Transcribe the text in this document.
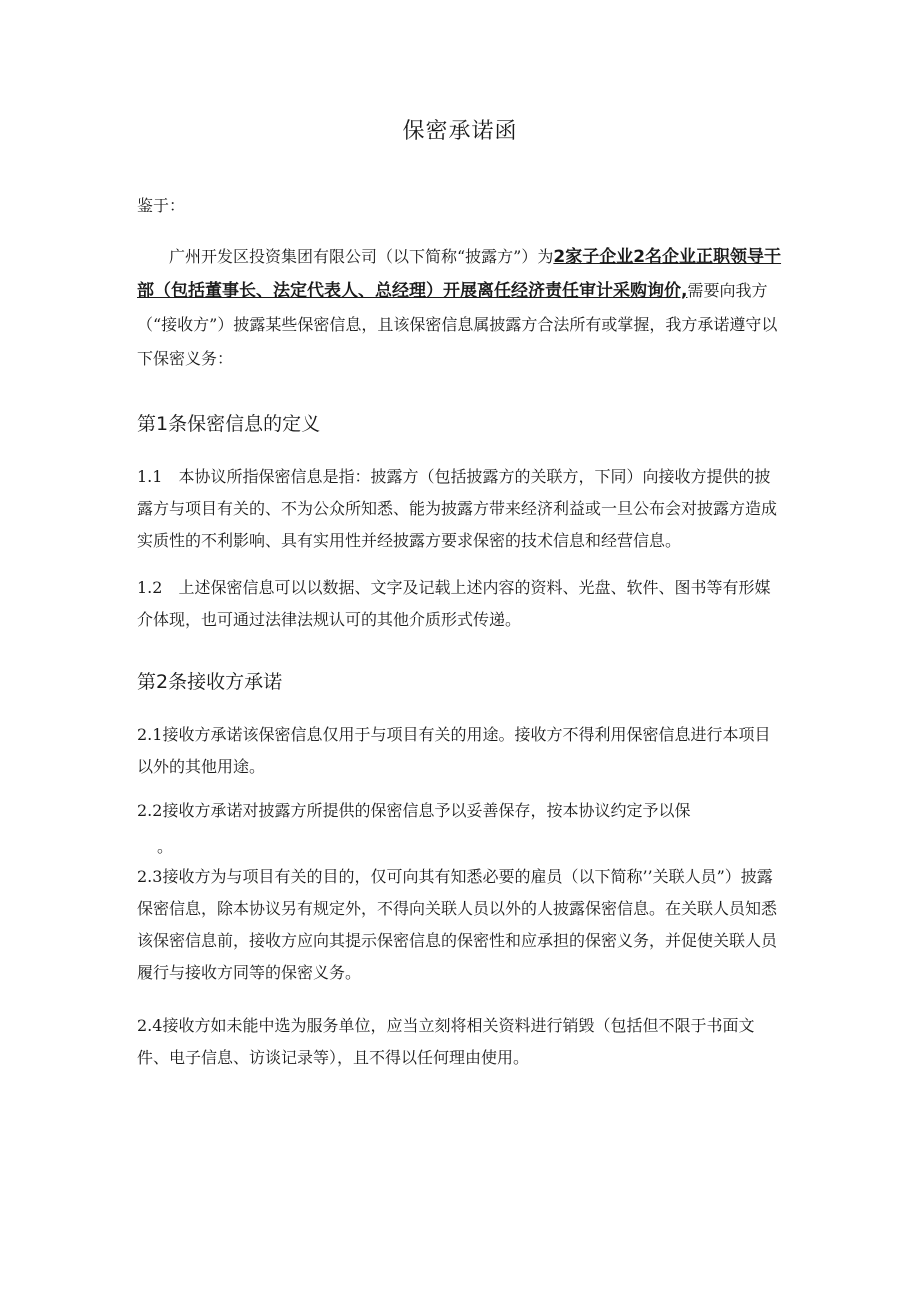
保密承诺函
鉴于：
广州开发区投资集团有限公司（以下简称“披露方”）为2家子企业2名企业正职领导干部（包括董事长、法定代表人、总经理）开展离任经济责任审计采购询价,需要向我方（“接收方”）披露某些保密信息，且该保密信息属披露方合法所有或掌握，我方承诺遵守以下保密义务：
第1条保密信息的定义
1.1　本协议所指保密信息是指：披露方（包括披露方的关联方，下同）向接收方提供的披露方与项目有关的、不为公众所知悉、能为披露方带来经济利益或一旦公布会对披露方造成实质性的不利影响、具有实用性并经披露方要求保密的技术信息和经营信息。
1.2　上述保密信息可以以数据、文字及记载上述内容的资料、光盘、软件、图书等有形媒介体现，也可通过法律法规认可的其他介质形式传递。
第2条接收方承诺
2.1接收方承诺该保密信息仅用于与项目有关的用途。接收方不得利用保密信息进行本项目以外的其他用途。
2.2接收方承诺对披露方所提供的保密信息予以妥善保存，按本协议约定予以保
。
2.3接收方为与项目有关的目的，仅可向其有知悉必要的雇员（以下简称’’关联人员”）披露保密信息，除本协议另有规定外，不得向关联人员以外的人披露保密信息。在关联人员知悉该保密信息前，接收方应向其提示保密信息的保密性和应承担的保密义务，并促使关联人员履行与接收方同等的保密义务。
2.4接收方如未能中选为服务单位，应当立刻将相关资料进行销毁（包括但不限于书面文件、电子信息、访谈记录等），且不得以任何理由使用。
